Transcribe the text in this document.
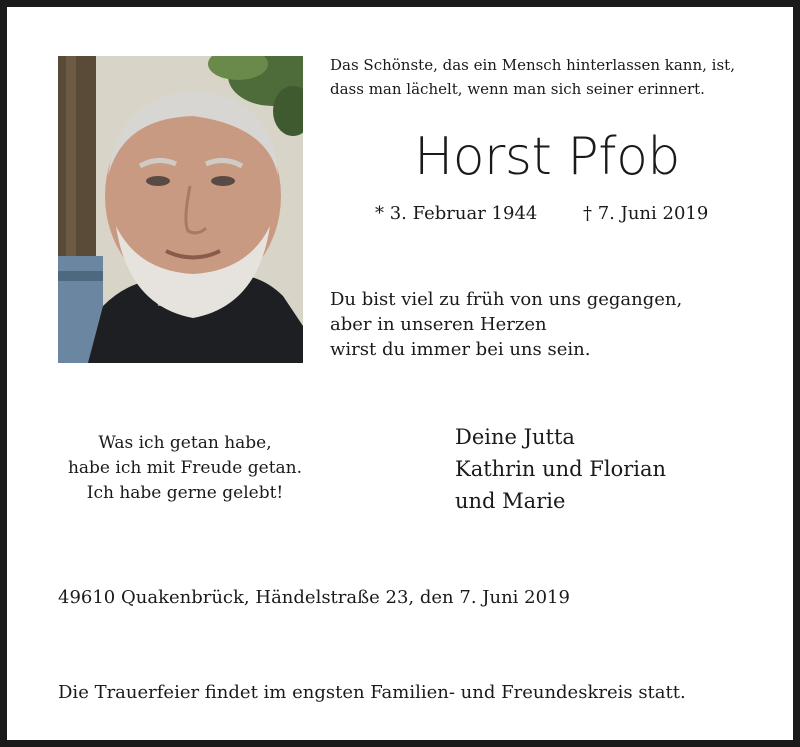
Das Schönste, das ein Mensch hinterlassen kann, ist,
dass man lächelt, wenn man sich seiner erinnert.
Horst Pfob
* 3. Februar 1944	† 7. Juni 2019
Du bist viel zu früh von uns gegangen,
aber in unseren Herzen
wirst du immer bei uns sein.
Was ich getan habe,
habe ich mit Freude getan.
Ich habe gerne gelebt!
Deine Jutta
Kathrin und Florian
und Marie
49610 Quakenbrück, Händelstraße 23, den 7. Juni 2019
Die Trauerfeier findet im engsten Familien- und Freundeskreis statt.
